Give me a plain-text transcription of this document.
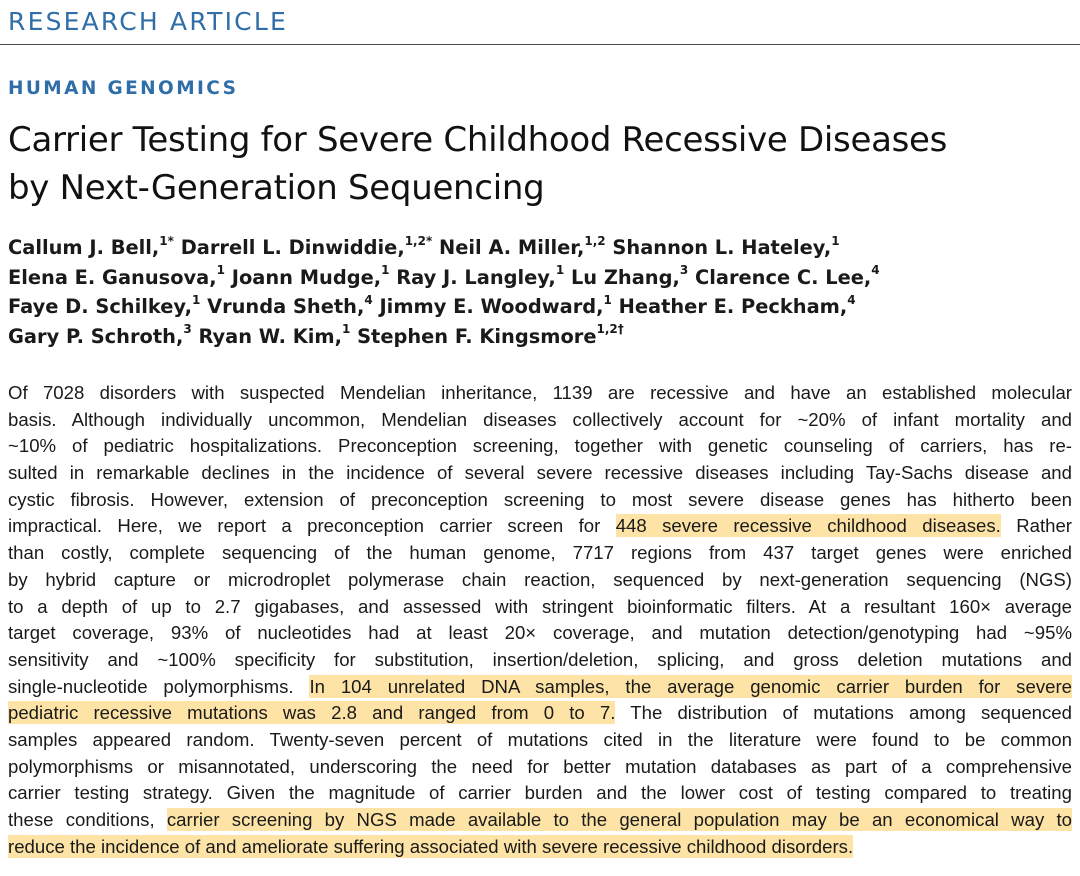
RESEARCH ARTICLE
HUMAN GENOMICS
Carrier Testing for Severe Childhood Recessive Diseases
by Next-Generation Sequencing
Callum J. Bell,$^{1*}$ Darrell L. Dinwiddie,$^{1,2*}$ Neil A. Miller,$^{1,2}$ Shannon L. Hateley,$^1$
Elena E. Ganusova,$^1$ Joann Mudge,$^1$ Ray J. Langley,$^1$ Lu Zhang,$^3$ Clarence C. Lee,$^4$
Faye D. Schilkey,$^1$ Vrunda Sheth,$^4$ Jimmy E. Woodward,$^1$ Heather E. Peckham,$^4$
Gary P. Schroth,$^3$ Ryan W. Kim,$^1$ Stephen F. Kingsmore$^{1,2\dagger}$
Of 7028 disorders with suspected Mendelian inheritance, 1139 are recessive and have an established molecular
basis. Although individually uncommon, Mendelian diseases collectively account for ~20% of infant mortality and
~10% of pediatric hospitalizations. Preconception screening, together with genetic counseling of carriers, has re-
sulted in remarkable declines in the incidence of several severe recessive diseases including Tay-Sachs disease and
cystic fibrosis. However, extension of preconception screening to most severe disease genes has hitherto been
impractical. Here, we report a preconception carrier screen for 448 severe recessive childhood diseases. Rather
than costly, complete sequencing of the human genome, 7717 regions from 437 target genes were enriched
by hybrid capture or microdroplet polymerase chain reaction, sequenced by next-generation sequencing (NGS)
to a depth of up to 2.7 gigabases, and assessed with stringent bioinformatic filters. At a resultant 160× average
target coverage, 93% of nucleotides had at least 20× coverage, and mutation detection/genotyping had ~95%
sensitivity and ~100% specificity for substitution, insertion/deletion, splicing, and gross deletion mutations and
single-nucleotide polymorphisms. In 104 unrelated DNA samples, the average genomic carrier burden for severe
pediatric recessive mutations was 2.8 and ranged from 0 to 7. The distribution of mutations among sequenced
samples appeared random. Twenty-seven percent of mutations cited in the literature were found to be common
polymorphisms or misannotated, underscoring the need for better mutation databases as part of a comprehensive
carrier testing strategy. Given the magnitude of carrier burden and the lower cost of testing compared to treating
these conditions, carrier screening by NGS made available to the general population may be an economical way to
reduce the incidence of and ameliorate suffering associated with severe recessive childhood disorders.
